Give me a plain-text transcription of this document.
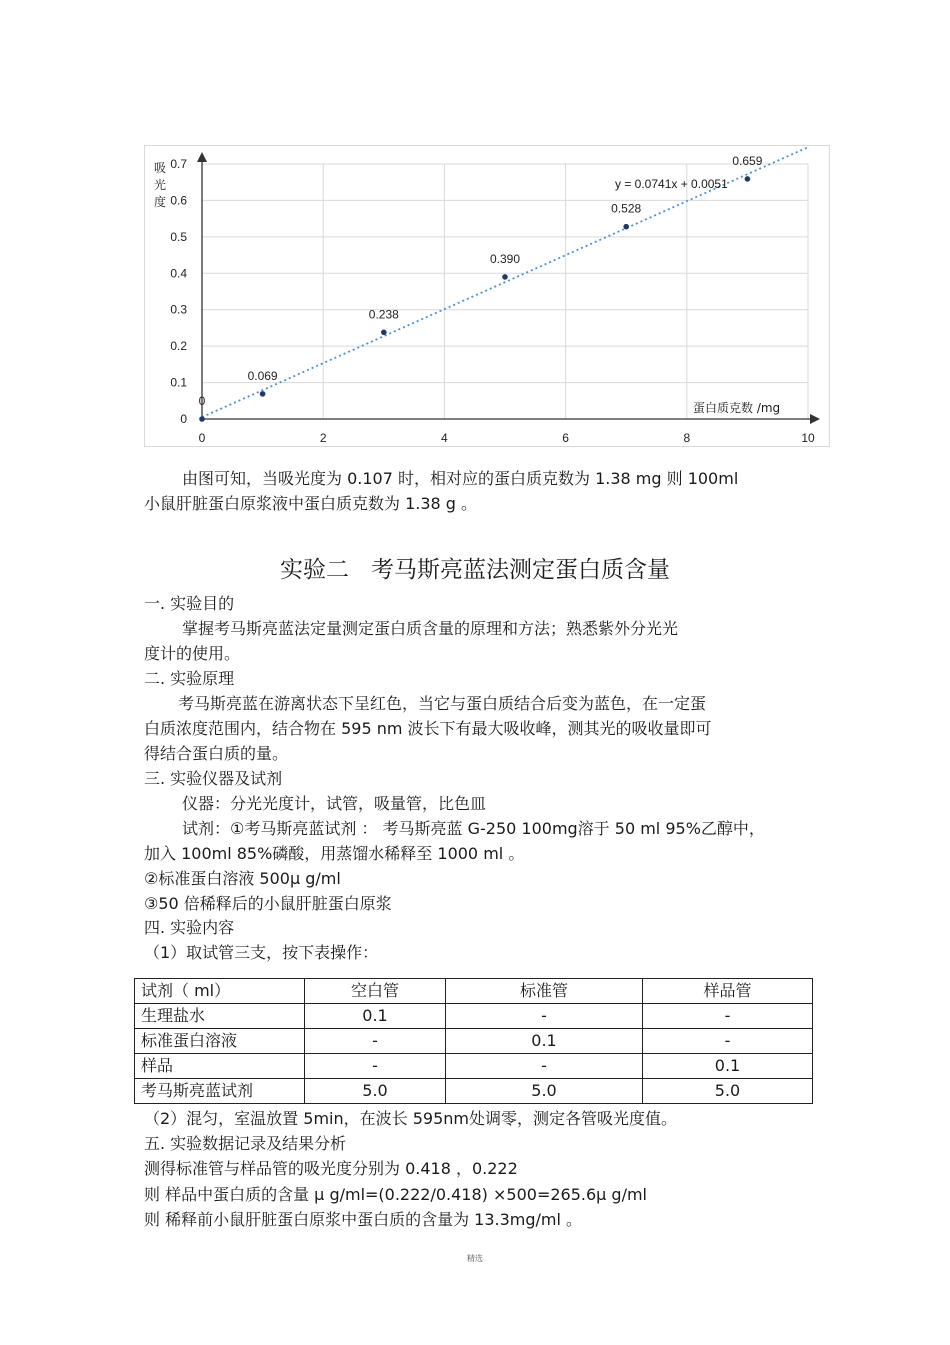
0
0.1
0.2
0.3
0.4
0.5
0.6
0.7
0	2	4	6	8	10
0
0.069
0.238
0.390
0.528
0.659
吸光度
蛋白质克数 /mg
y = 0.0741x + 0.0051
由图可知，当吸光度为 0.107 时，相对应的蛋白质克数为 1.38 mg 则 100ml
小鼠肝脏蛋白原浆液中蛋白质克数为 1.38 g 。
实验二   考马斯亮蓝法测定蛋白质含量
一. 实验目的
掌握考马斯亮蓝法定量测定蛋白质含量的原理和方法；熟悉紫外分光光
度计的使用。
二. 实验原理
考马斯亮蓝在游离状态下呈红色，当它与蛋白质结合后变为蓝色，在一定蛋
白质浓度范围内，结合物在 595 nm 波长下有最大吸收峰，测其光的吸收量即可
得结合蛋白质的量。
三. 实验仪器及试剂
仪器：分光光度计，试管，吸量管，比色皿
试剂：①考马斯亮蓝试剂 ： 考马斯亮蓝 G-250 100mg溶于 50 ml 95%乙醇中，
加入 100ml 85%磷酸，用蒸馏水稀释至 1000 ml 。
②标准蛋白溶液 500μ g/ml
③50 倍稀释后的小鼠肝脏蛋白原浆
四. 实验内容
（1）取试管三支，按下表操作：
试剂（ ml）	空白管	标准管	样品管
生理盐水	0.1	-	-
标准蛋白溶液	-	0.1	-
样品	-	-	0.1
考马斯亮蓝试剂	5.0	5.0	5.0
（2）混匀，室温放置 5min，在波长 595nm处调零，测定各管吸光度值。
五. 实验数据记录及结果分析
测得标准管与样品管的吸光度分别为 0.418 ，0.222
则 样品中蛋白质的含量 μ g/ml=(0.222/0.418) ×500=265.6μ g/ml
则 稀释前小鼠肝脏蛋白原浆中蛋白质的含量为 13.3mg/ml 。
精选
